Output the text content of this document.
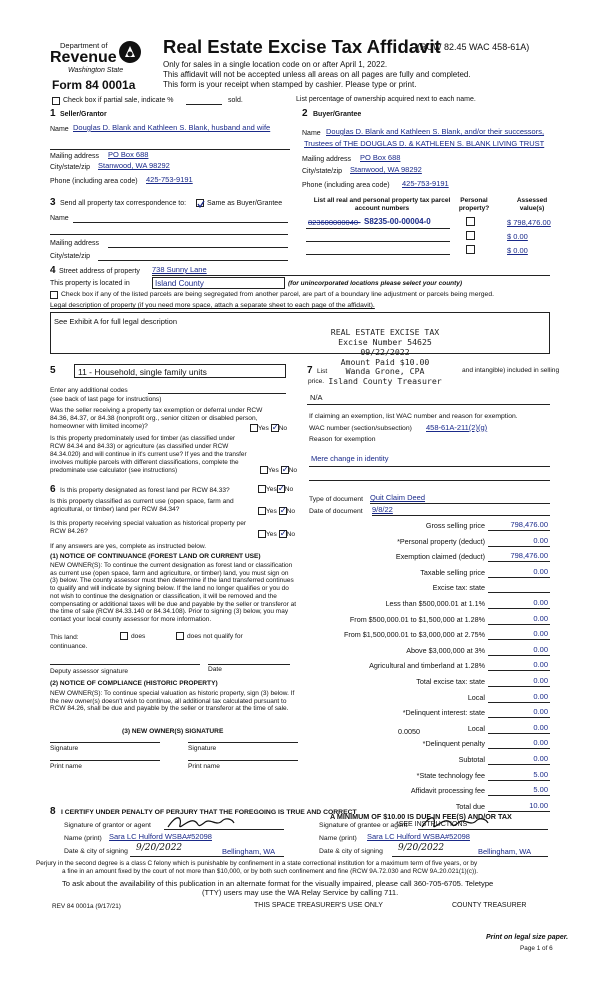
Department of
Revenue
Washington State
Form 84 0001a
Real Estate Excise Tax Affidavit
(RCW 82.45 WAC 458-61A)
Only for sales in a single location code on or after April 1, 2022.
This affidavit will not be accepted unless all areas on all pages are fully and completed.
This form is your receipt when stamped by cashier. Please type or print.
Check box if partial sale, indicate %	sold.	List percentage of ownership acquired next to each name.
1 Seller/Grantor
Name Douglas D. Blank and Kathleen S. Blank, husband and wife
Mailing address PO Box 688
City/state/zip Stanwood, WA 98292
Phone (including area code) 425-753-9191
2 Buyer/Grantee
Name Douglas D. Blank and Kathleen S. Blank, and/or their successors,
Trustees of THE DOUGLAS D. & KATHLEEN S. BLANK LIVING TRUST
Mailing address PO Box 688
City/state/zip Stanwood, WA 98292
Phone (including area code) 425-753-9191
3 Send all property tax correspondence to:	Same as Buyer/Grantee
Name
Mailing address
City/state/zip
List all real and personal property tax parcel account numbers
Personal property?
Assessed value(s)
823600000040- S8235-00-00004-0	$ 798,476.00
$ 0.00
$ 0.00
4 Street address of property 738 Sunny Lane
This property is located in	Island County	(for unincorporated locations please select your county)
Check box if any of the listed parcels are being segregated from another parcel, are part of a boundary line adjustment or parcels being merged.
Legal description of property (if you need more space, attach a separate sheet to each page of the affidavit).
See Exhibit A for full legal description
REAL ESTATE EXCISE TAX
Excise Number 54625
09/22/2022
Amount Paid $10.00
Wanda Grone, CPA
Island County Treasurer
5	11 - Household, single family units
Enter any additional codes
(see back of last page for instructions)
Was the seller receiving a property tax exemption or deferral under RCW 84.36, 84.37, or 84.38 (nonprofit org., senior citizen or disabled person, homeowner with limited income)?	Yes ✓ No
Is this property predominately used for timber (as classified under RCW 84.34 and 84.33) or agriculture (as classified under RCW 84.34.020) and will continue in it's current use? If yes and the transfer involves multiple parcels with different classifications, complete the predominate use calculator (see instructions)	Yes ✓ No
7 List
price.
and intangible) included in selling
N/A
If claiming an exemption, list WAC number and reason for exemption.
WAC number (section/subsection) 458-61A-211(2)(g)
Reason for exemption
Mere change in identity
Type of document Quit Claim Deed
Date of document 9/8/22
6 Is this property designated as forest land per RCW 84.33?	Yes ✓ No
Is this property classified as current use (open space, farm and agricultural, or timber) land per RCW 84.34?	Yes ✓ No
Is this property receiving special valuation as historical property per RCW 84.26?	Yes ✓ No
If any answers are yes, complete as instructed below.
(1) NOTICE OF CONTINUANCE (FOREST LAND OR CURRENT USE)
NEW OWNER(S): To continue the current designation as forest land or classification as current use (open space, farm and agriculture, or timber) land, you must sign on (3) below. The county assessor must then determine if the land transferred continues to qualify and will indicate by signing below. If the land no longer qualifies or you do not wish to continue the designation or classification, it will be removed and the compensating or additional taxes will be due and payable by the seller or transferor at the time of sale (RCW 84.33.140 or 84.34.108). Prior to signing (3) below, you may contact your local county assessor for more information.
This land:	does	does not qualify for
continuance.
Deputy assessor signature	Date
(2) NOTICE OF COMPLIANCE (HISTORIC PROPERTY)
NEW OWNER(S): To continue special valuation as historic property, sign (3) below. If the new owner(s) doesn't wish to continue, all additional tax calculated pursuant to RCW 84.26, shall be due and payable by the seller or transferor at the time of sale.
(3) NEW OWNER(S) SIGNATURE
Signature	Signature
Print name	Print name
Gross selling price	798,476.00
*Personal property (deduct)	0.00
Exemption claimed (deduct)	798,476.00
Taxable selling price	0.00
Excise tax: state
Less than $500,000.01 at 1.1%	0.00
From $500,000.01 to $1,500,000 at 1.28%	0.00
From $1,500,000.01 to $3,000,000 at 2.75%	0.00
Above $3,000,000 at 3%	0.00
Agricultural and timberland at 1.28%	0.00
Total excise tax: state	0.00
Local	0.00
*Delinquent interest: state	0.00
Local	0.00
*Delinquent penalty	0.00
Subtotal	0.00
*State technology fee	5.00
Affidavit processing fee	5.00
Total due	10.00
0.0050
A MINIMUM OF $10.00 IS DUE IN FEE(S) AND/OR TAX
*SEE INSTRUCTIONS
8 I CERTIFY UNDER PENALTY OF PERJURY THAT THE FOREGOING IS TRUE AND CORRECT
Signature of grantor or agent
Name (print) Sara LC Hulford WSBA#52098
Date & city of signing 9/20/2022	Bellingham, WA
Signature of grantee or agent
Name (print) Sara LC Hulford WSBA#52098
Date & city of signing 9/20/2022	Bellingham, WA
Perjury in the second degree is a class C felony which is punishable by confinement in a state correctional institution for a maximum term of five years, or by
a fine in an amount fixed by the court of not more than $10,000, or by both such confinement and fine (RCW 9A.72.030 and RCW 9A.20.021(1)(c)).
To ask about the availability of this publication in an alternate format for the visually impaired, please call 360-705-6705. Teletype
(TTY) users may use the WA Relay Service by calling 711.
REV 84 0001a (9/17/21)	THIS SPACE TREASURER'S USE ONLY	COUNTY TREASURER
Print on legal size paper.
Page 1 of 6
